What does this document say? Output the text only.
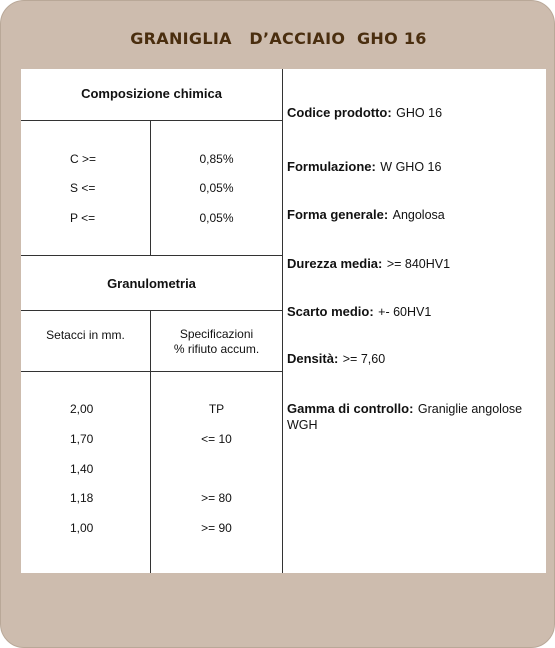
GRANIGLIA   D’ACCIAIO  GHO 16
Composizione chimica
C >=	0,85%
S <=	0,05%
P <=	0,05%
Granulometria
Setacci in mm.	Specificazioni
% rifiuto accum.
2,00	TP
1,70	<= 10
1,40
1,18	>= 80
1,00	>= 90
Codice prodotto: GHO 16
Formulazione: W GHO 16
Forma generale: Angolosa
Durezza media: >= 840HV1
Scarto medio: +- 60HV1
Densità: >= 7,60
Gamma di controllo: Graniglie angolose WGH
